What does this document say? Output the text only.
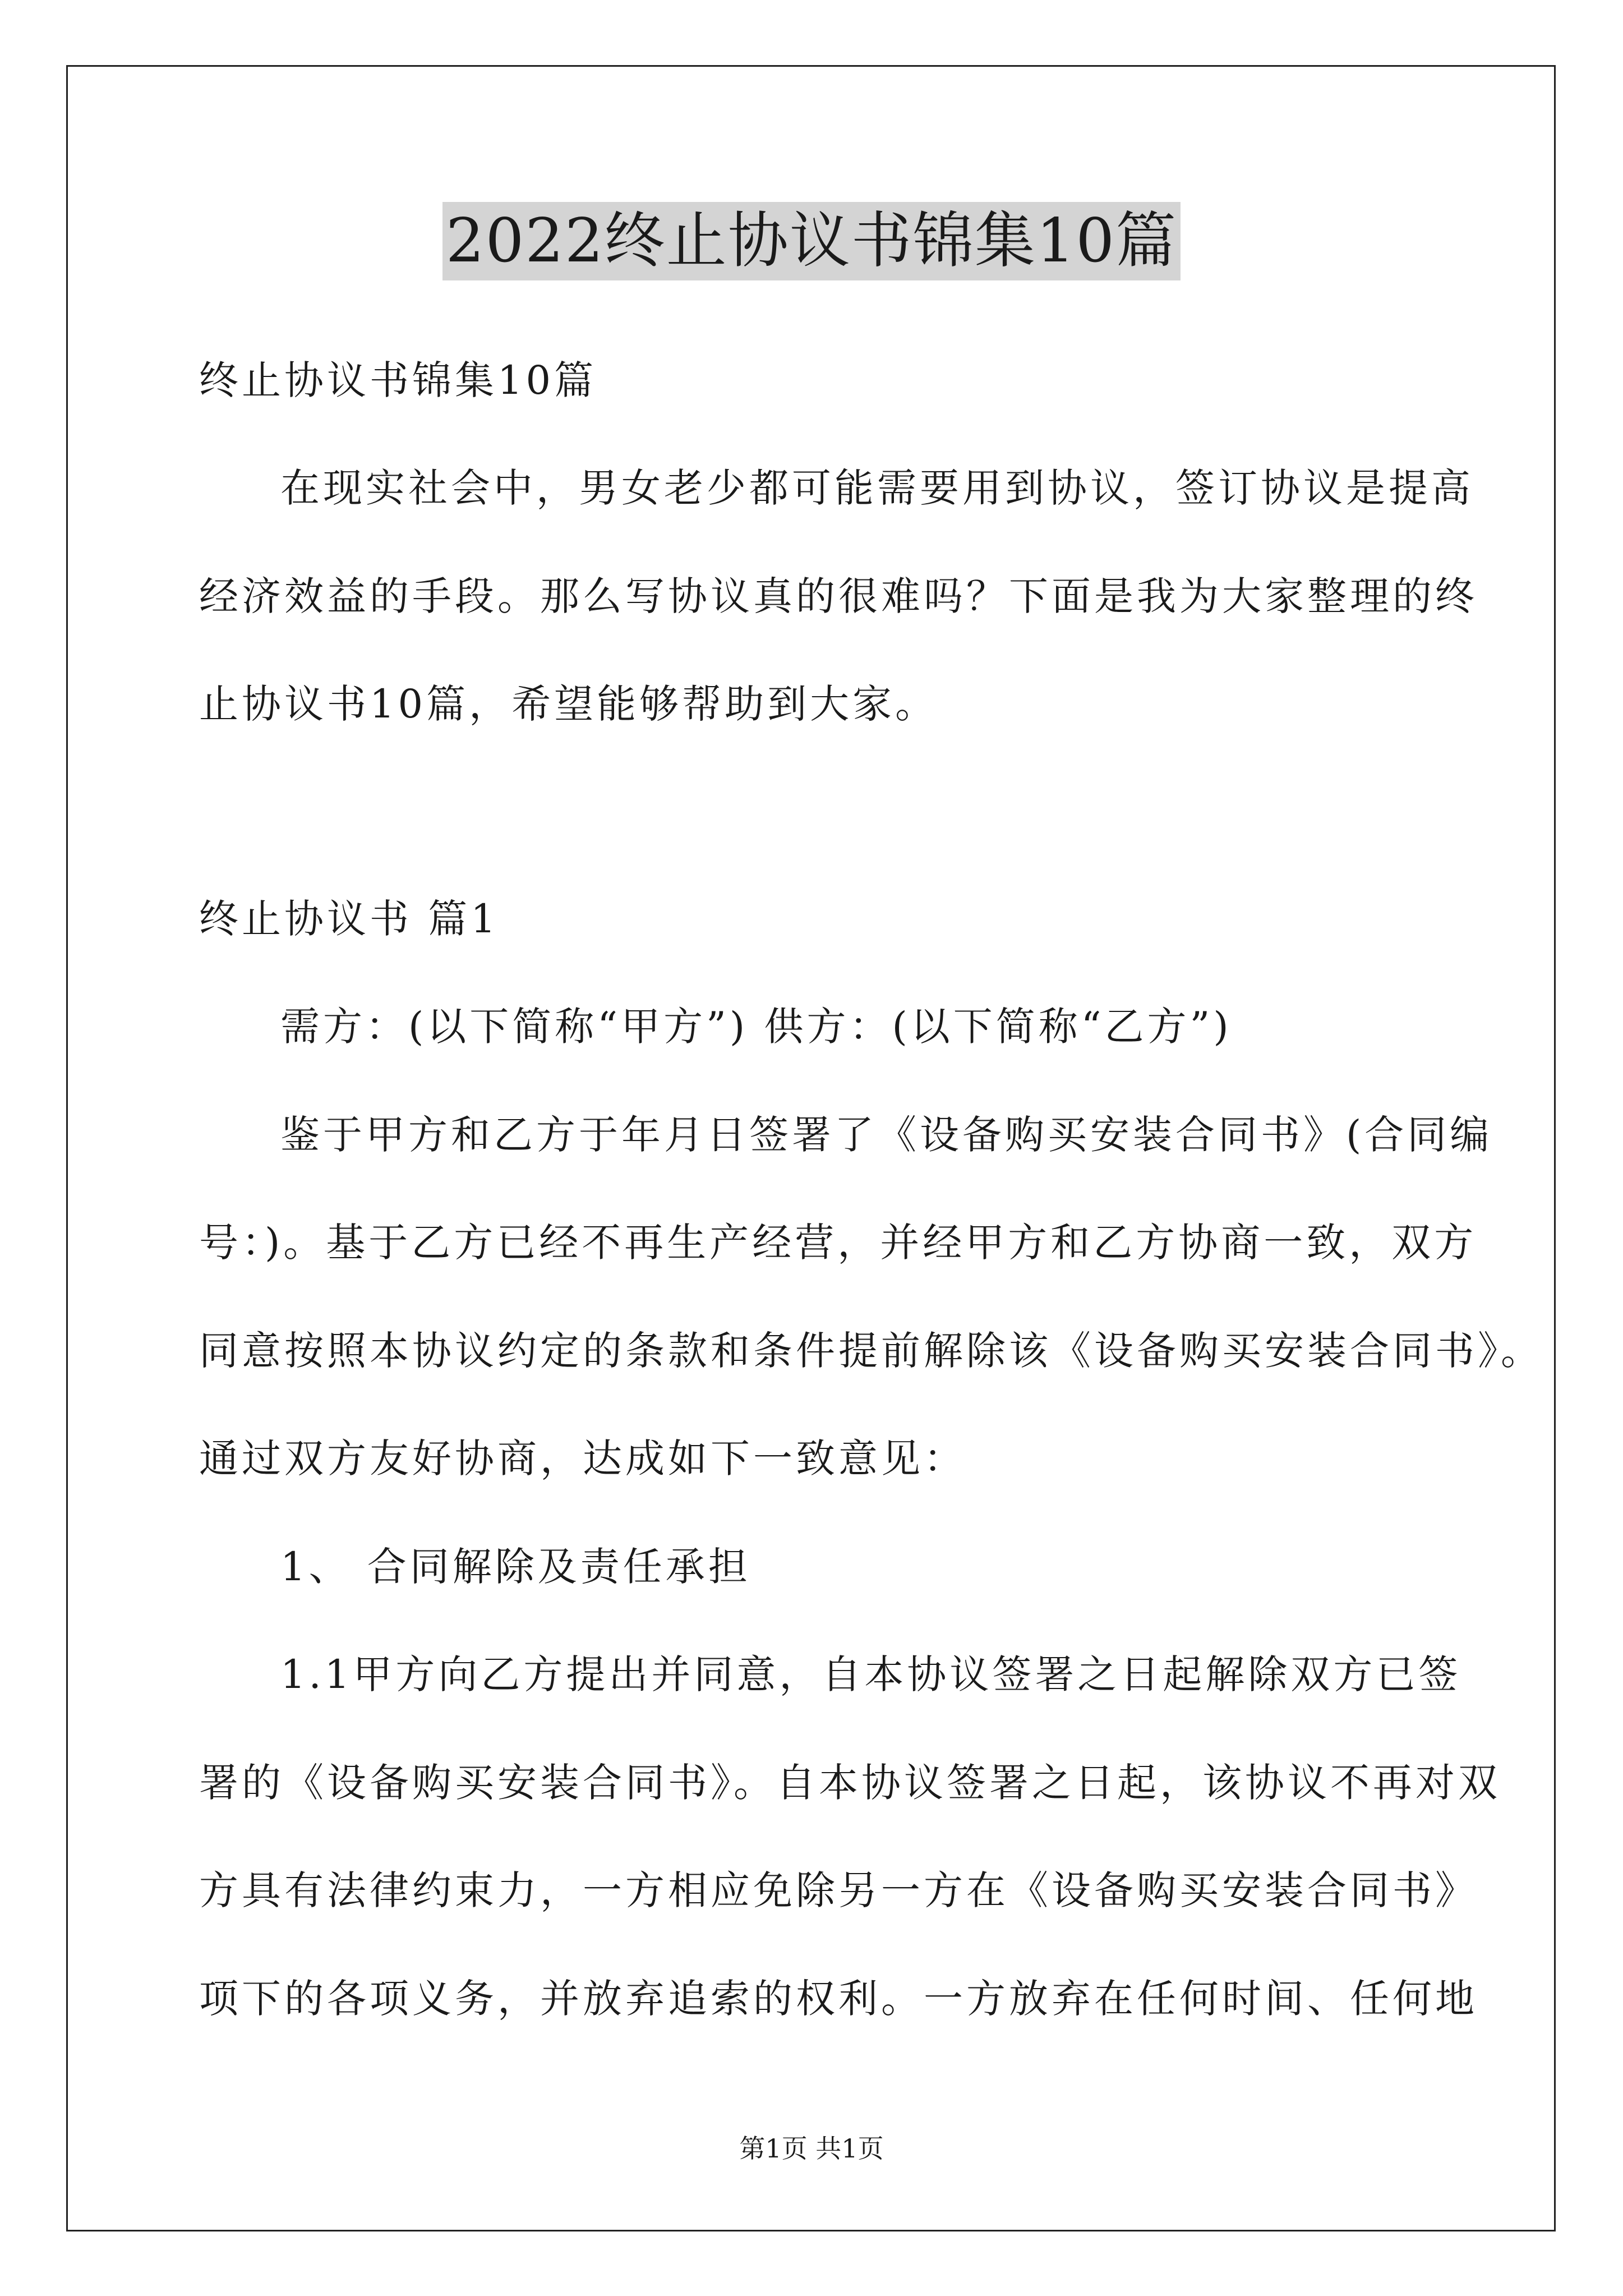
2022终止协议书锦集10篇
终止协议书锦集10篇
在现实社会中，男女老少都可能需要用到协议，签订协议是提高
经济效益的手段。那么写协议真的很难吗？下面是我为大家整理的终
止协议书10篇，希望能够帮助到大家。
终止协议书 篇1
需方：(以下简称“甲方”) 供方：(以下简称“乙方”)
鉴于甲方和乙方于年月日签署了《设备购买安装合同书》(合同编
号：)。基于乙方已经不再生产经营，并经甲方和乙方协商一致，双方
同意按照本协议约定的条款和条件提前解除该《设备购买安装合同书》。
通过双方友好协商，达成如下一致意见：
1、 合同解除及责任承担
1.1甲方向乙方提出并同意，自本协议签署之日起解除双方已签
署的《设备购买安装合同书》。自本协议签署之日起，该协议不再对双
方具有法律约束力，一方相应免除另一方在《设备购买安装合同书》
项下的各项义务，并放弃追索的权利。一方放弃在任何时间、任何地
第1页 共1页
